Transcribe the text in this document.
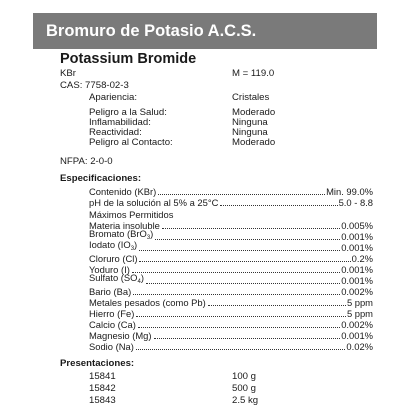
Bromuro de Potasio A.C.S.
Potassium Bromide
KBr	M = 119.0
CAS: 7758-02-3
Apariencia:	Cristales
Peligro a la Salud:	Moderado
Inflamabilidad:	Ninguna
Reactividad:	Ninguna
Peligro al Contacto:	Moderado
NFPA: 2-0-0
Especificaciones:
Contenido (KBr)	Min. 99.0%
pH de la solución al 5% a 25°C	5.0 - 8.8
Máximos Permitidos
Materia insoluble	0.005%
Bromato (BrO$_3$)	0.001%
Iodato $(IO_3)$	0.001%
Cloruro (Cl)	0.2%
Yoduro (I)	0.001%
Sulfato $(SO_4)$	0.001%
Bario (Ba)	0.002%
Metales pesados (como Pb)	5 ppm
Hierro (Fe)	5 ppm
Calcio (Ca)	0.002%
Magnesio (Mg)	0.001%
Sodio (Na)	0.02%
Presentaciones:
15841	100 g
15842	500 g
15843	2.5 kg
